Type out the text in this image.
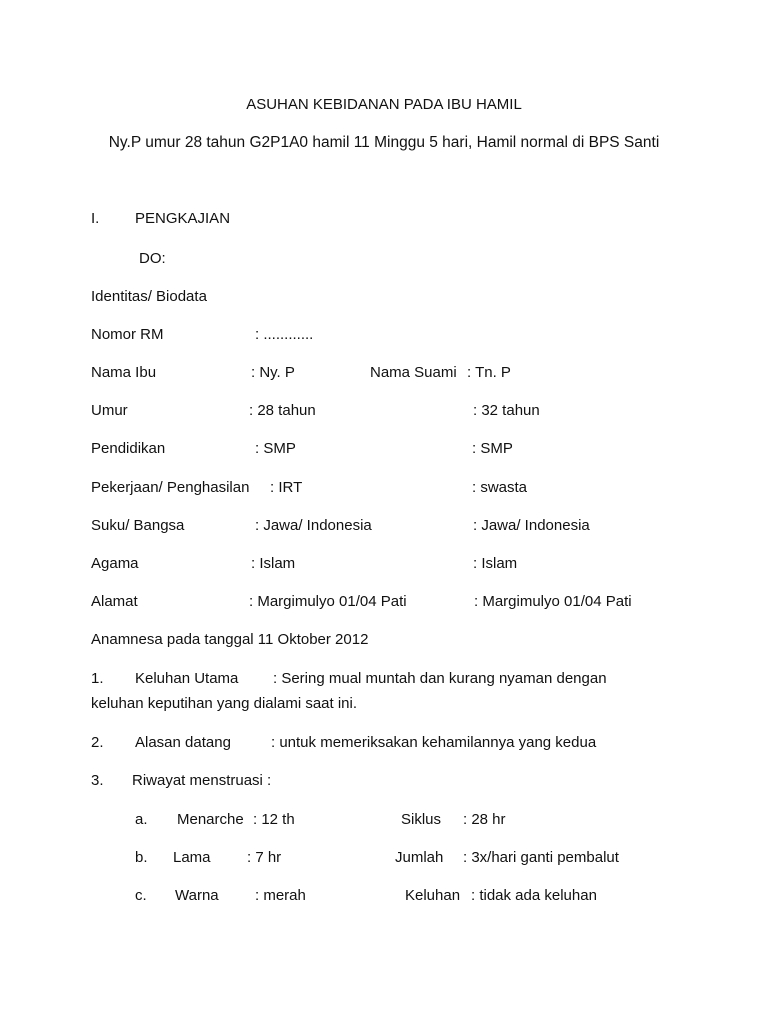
ASUHAN KEBIDANAN PADA IBU HAMIL
Ny.P umur 28 tahun G2P1A0 hamil 11 Minggu 5 hari, Hamil normal di BPS Santi
I. PENGKAJIAN
DO:
Identitas/ Biodata
Nomor RM	: ............
Nama Ibu	: Ny. P	Nama Suami : Tn. P
Umur	: 28 tahun	: 32 tahun
Pendidikan	: SMP	: SMP
Pekerjaan/ Penghasilan : IRT	: swasta
Suku/ Bangsa	: Jawa/ Indonesia	: Jawa/ Indonesia
Agama	: Islam	: Islam
Alamat	: Margimulyo 01/04 Pati	: Margimulyo 01/04 Pati
Anamnesa pada tanggal 11 Oktober 2012
1. Keluhan Utama : Sering mual muntah dan kurang nyaman dengan
keluhan keputihan yang dialami saat ini.
2. Alasan datang	: untuk memeriksakan kehamilannya yang kedua
3. Riwayat menstruasi :
a. Menarche : 12 th	Siklus : 28 hr
b. Lama : 7 hr	Jumlah : 3x/hari ganti pembalut
c. Warna : merah	Keluhan : tidak ada keluhan
